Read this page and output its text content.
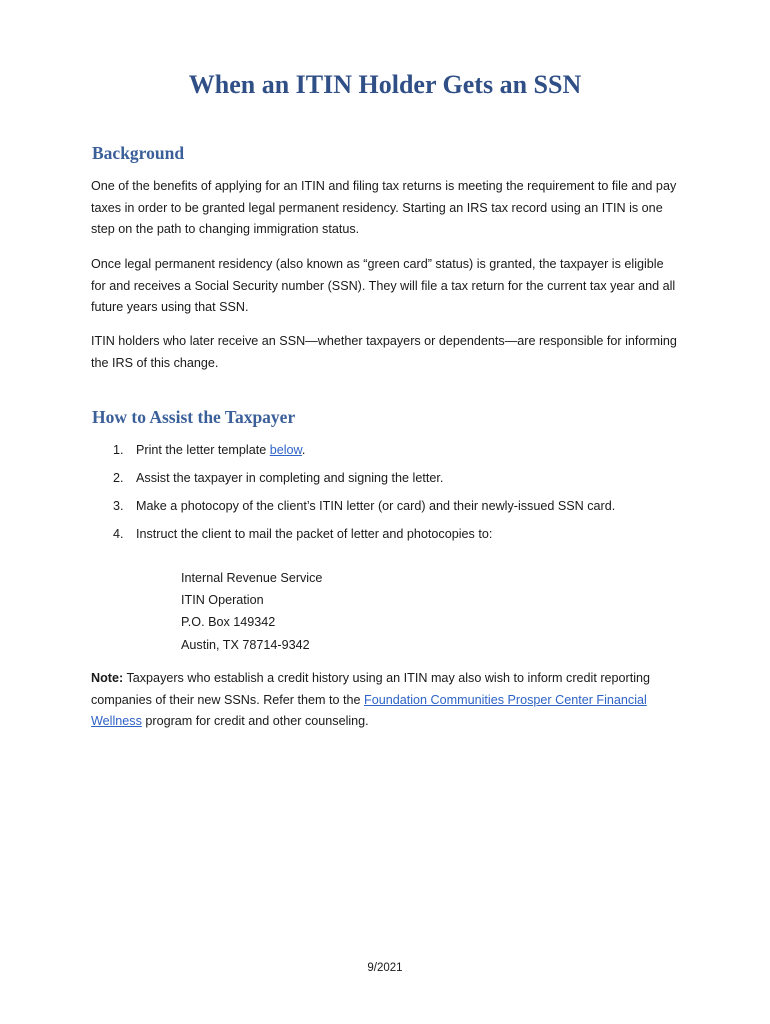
When an ITIN Holder Gets an SSN
Background

One of the benefits of applying for an ITIN and filing tax returns is meeting the requirement to file and pay taxes in order to be granted legal permanent residency. Starting an IRS tax record using an ITIN is one step on the path to changing immigration status.

Once legal permanent residency (also known as “green card” status) is granted, the taxpayer is eligible for and receives a Social Security number (SSN). They will file a tax return for the current tax year and all future years using that SSN.

ITIN holders who later receive an SSN—whether taxpayers or dependents—are responsible for informing the IRS of this change.

How to Assist the Taxpayer
1. Print the letter template below.
2. Assist the taxpayer in completing and signing the letter.
3. Make a photocopy of the client’s ITIN letter (or card) and their newly-issued SSN card.
4. Instruct the client to mail the packet of letter and photocopies to:
Internal Revenue Service
ITIN Operation
P.O. Box 149342
Austin, TX 78714-9342

Note: Taxpayers who establish a credit history using an ITIN may also wish to inform credit reporting companies of their new SSNs. Refer them to the Foundation Communities Prosper Center Financial Wellness program for credit and other counseling.

9/2021
